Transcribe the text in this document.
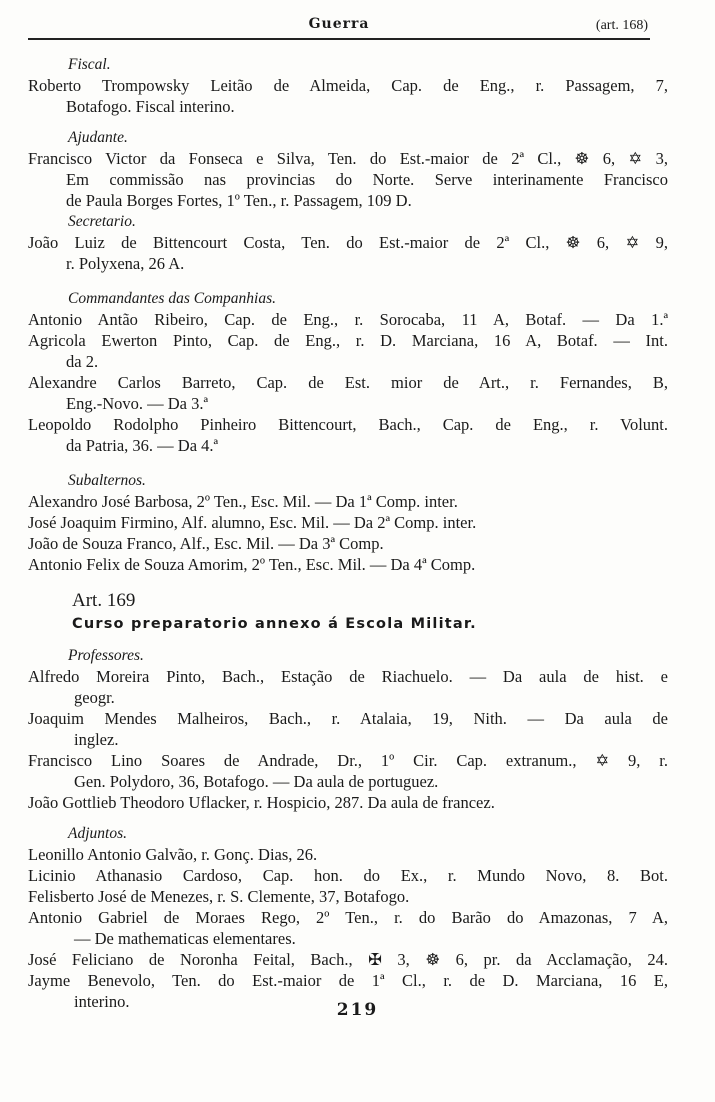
Guerra	(art. 168)
Fiscal.
Roberto Trompowsky Leitão de Almeida, Cap. de Eng., r. Passagem, 7,
Botafogo. Fiscal interino.
Ajudante.
Francisco Victor da Fonseca e Silva, Ten. do Est.-maior de 2ª Cl., ☸ 6, ✡ 3,
Em commissão nas provincias do Norte. Serve interinamente Francisco
de Paula Borges Fortes, 1º Ten., r. Passagem, 109 D.
Secretario.
João Luiz de Bittencourt Costa, Ten. do Est.-maior de 2ª Cl., ☸ 6, ✡ 9,
r. Polyxena, 26 A.
Commandantes das Companhias.
Antonio Antão Ribeiro, Cap. de Eng., r. Sorocaba, 11 A, Botaf. — Da 1.ª
Agricola Ewerton Pinto, Cap. de Eng., r. D. Marciana, 16 A, Botaf. — Int.
da 2.
Alexandre Carlos Barreto, Cap. de Est. mior de Art., r. Fernandes, B,
Eng.-Novo. — Da 3.ª
Leopoldo Rodolpho Pinheiro Bittencourt, Bach., Cap. de Eng., r. Volunt.
da Patria, 36. — Da 4.ª
Subalternos.
Alexandro José Barbosa, 2º Ten., Esc. Mil. — Da 1ª Comp. inter.
José Joaquim Firmino, Alf. alumno, Esc. Mil. — Da 2ª Comp. inter.
João de Souza Franco, Alf., Esc. Mil. — Da 3ª Comp.
Antonio Felix de Souza Amorim, 2º Ten., Esc. Mil. — Da 4ª Comp.
Art. 169
Curso preparatorio annexo á Escola Militar.
Professores.
Alfredo Moreira Pinto, Bach., Estação de Riachuelo. — Da aula de hist. e
geogr.
Joaquim Mendes Malheiros, Bach., r. Atalaia, 19, Nith. — Da aula de
inglez.
Francisco Lino Soares de Andrade, Dr., 1º Cir. Cap. extranum., ✡ 9, r.
Gen. Polydoro, 36, Botafogo. — Da aula de portuguez.
João Gottlieb Theodoro Uflacker, r. Hospicio, 287. Da aula de francez.
Adjuntos.
Leonillo Antonio Galvão, r. Gonç. Dias, 26.
Licinio Athanasio Cardoso, Cap. hon. do Ex., r. Mundo Novo, 8. Bot.
Felisberto José de Menezes, r. S. Clemente, 37, Botafogo.
Antonio Gabriel de Moraes Rego, 2º Ten., r. do Barão do Amazonas, 7 A,
— De mathematicas elementares.
José Feliciano de Noronha Feital, Bach., ✠ 3, ☸ 6, pr. da Acclamação, 24.
Jayme Benevolo, Ten. do Est.-maior de 1ª Cl., r. de D. Marciana, 16 E,
interino.	219
